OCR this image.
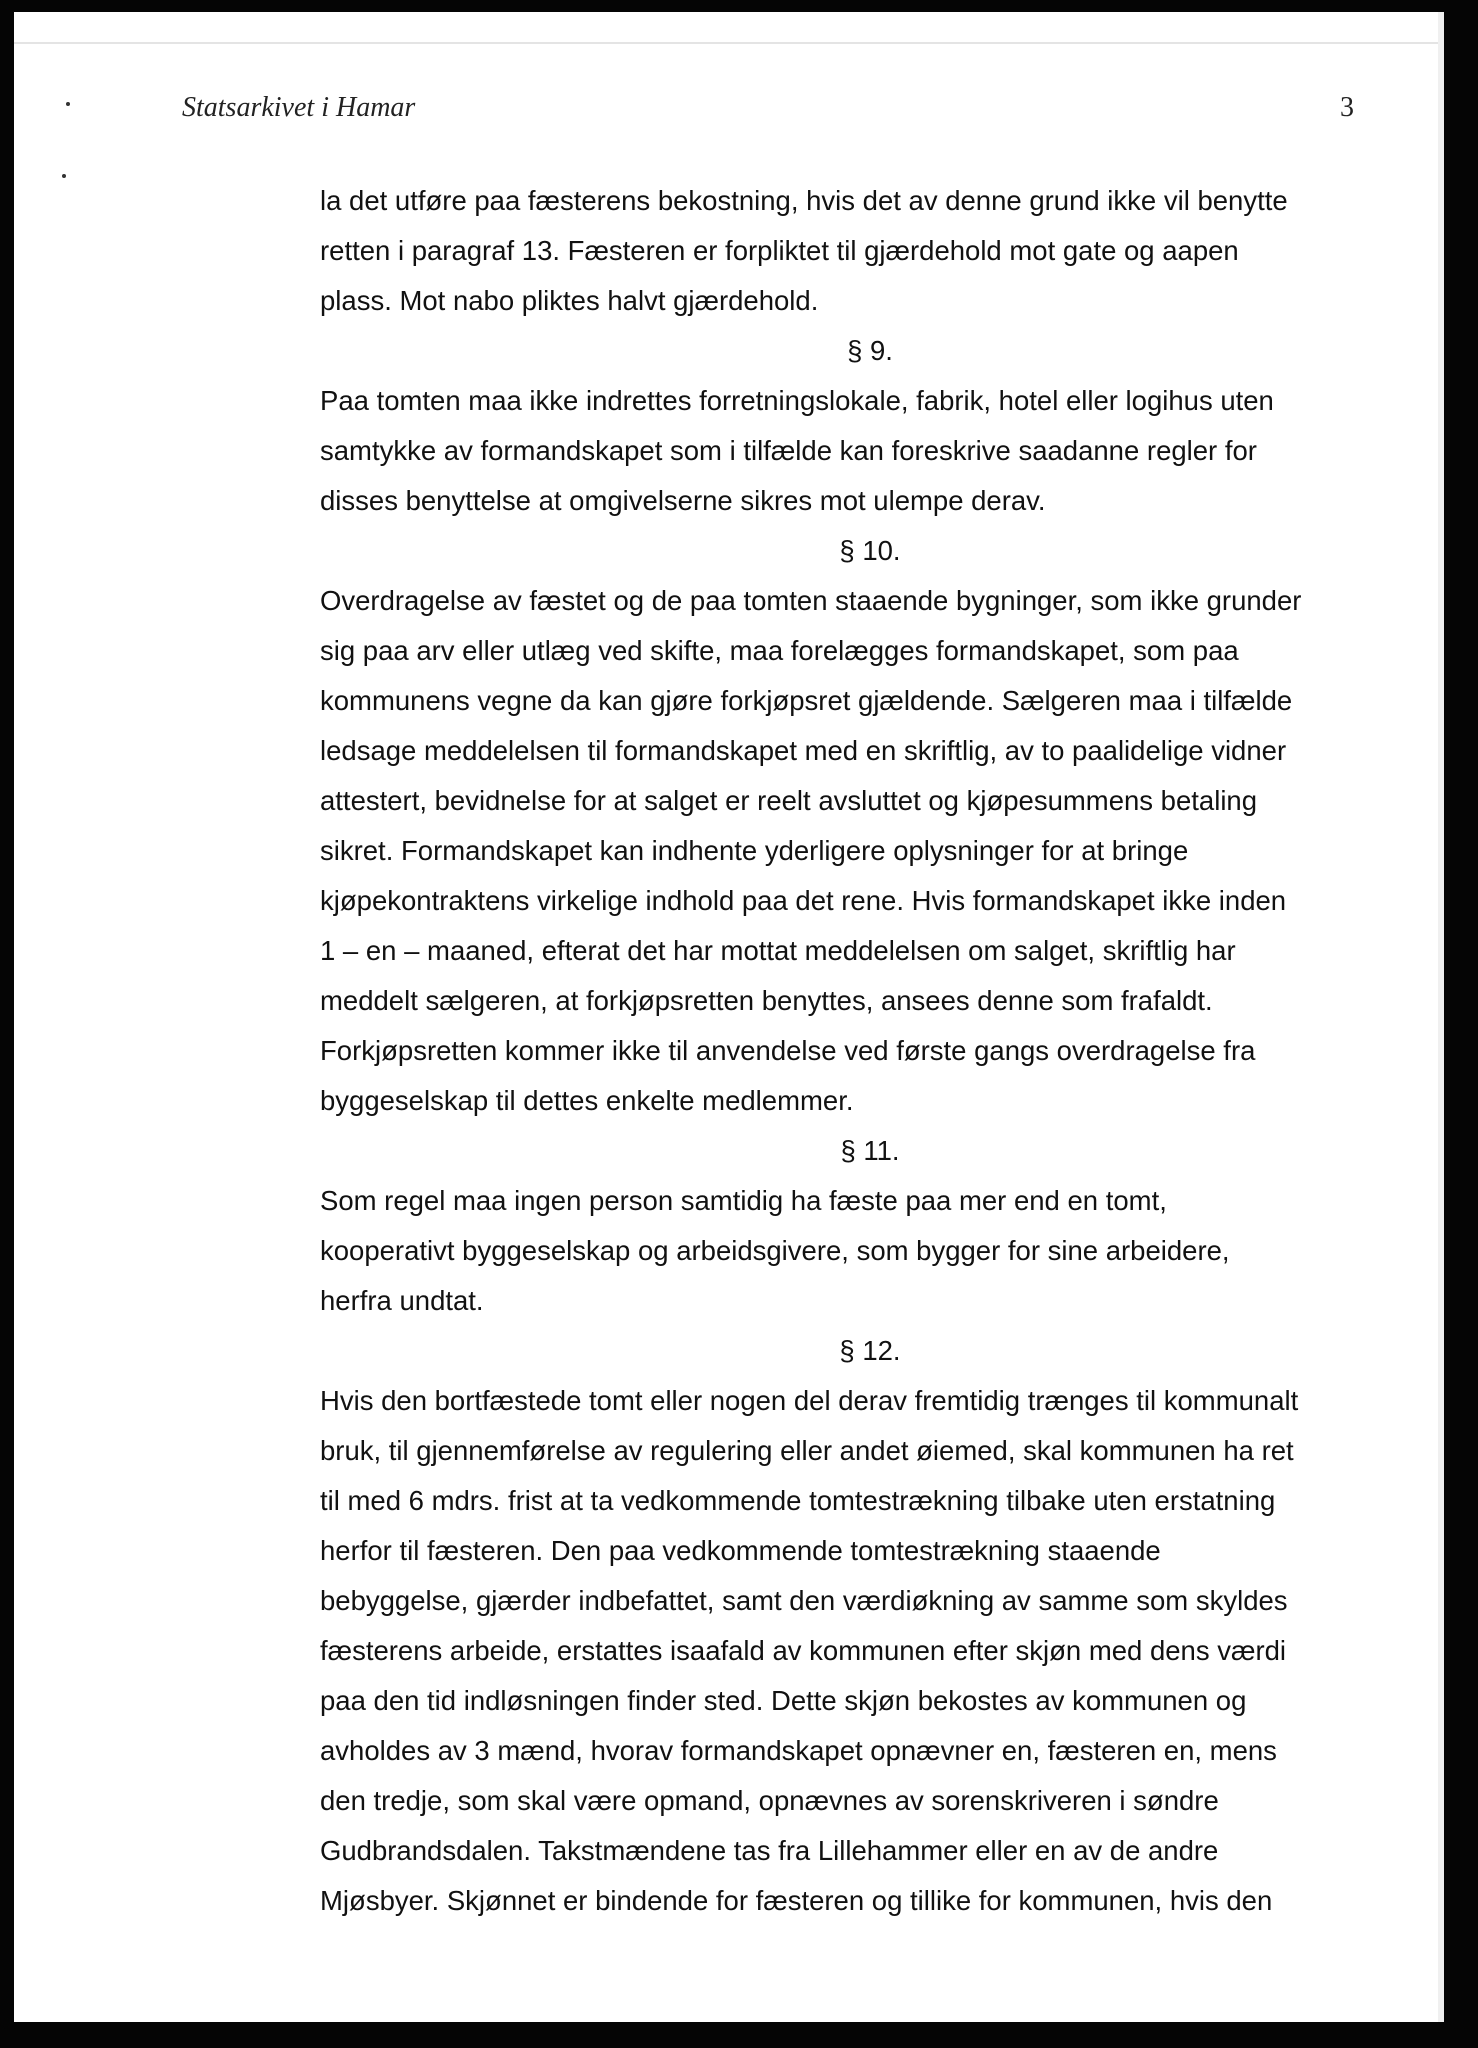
Statsarkivet i Hamar	3
la det utføre paa fæsterens bekostning, hvis det av denne grund ikke vil benytte
retten i paragraf 13. Fæsteren er forpliktet til gjærdehold mot gate og aapen
plass. Mot nabo pliktes halvt gjærdehold.
§ 9.
Paa tomten maa ikke indrettes forretningslokale, fabrik, hotel eller logihus uten
samtykke av formandskapet som i tilfælde kan foreskrive saadanne regler for
disses benyttelse at omgivelserne sikres mot ulempe derav.
§ 10.
Overdragelse av fæstet og de paa tomten staaende bygninger, som ikke grunder
sig paa arv eller utlæg ved skifte, maa forelægges formandskapet, som paa
kommunens vegne da kan gjøre forkjøpsret gjældende. Sælgeren maa i tilfælde
ledsage meddelelsen til formandskapet med en skriftlig, av to paalidelige vidner
attestert, bevidnelse for at salget er reelt avsluttet og kjøpesummens betaling
sikret. Formandskapet kan indhente yderligere oplysninger for at bringe
kjøpekontraktens virkelige indhold paa det rene. Hvis formandskapet ikke inden
1 – en – maaned, efterat det har mottat meddelelsen om salget, skriftlig har
meddelt sælgeren, at forkjøpsretten benyttes, ansees denne som frafaldt.
Forkjøpsretten kommer ikke til anvendelse ved første gangs overdragelse fra
byggeselskap til dettes enkelte medlemmer.
§ 11.
Som regel maa ingen person samtidig ha fæste paa mer end en tomt,
kooperativt byggeselskap og arbeidsgivere, som bygger for sine arbeidere,
herfra undtat.
§ 12.
Hvis den bortfæstede tomt eller nogen del derav fremtidig trænges til kommunalt
bruk, til gjennemførelse av regulering eller andet øiemed, skal kommunen ha ret
til med 6 mdrs. frist at ta vedkommende tomtestrækning tilbake uten erstatning
herfor til fæsteren. Den paa vedkommende tomtestrækning staaende
bebyggelse, gjærder indbefattet, samt den værdiøkning av samme som skyldes
fæsterens arbeide, erstattes isaafald av kommunen efter skjøn med dens værdi
paa den tid indløsningen finder sted. Dette skjøn bekostes av kommunen og
avholdes av 3 mænd, hvorav formandskapet opnævner en, fæsteren en, mens
den tredje, som skal være opmand, opnævnes av sorenskriveren i søndre
Gudbrandsdalen. Takstmændene tas fra Lillehammer eller en av de andre
Mjøsbyer. Skjønnet er bindende for fæsteren og tillike for kommunen, hvis den
